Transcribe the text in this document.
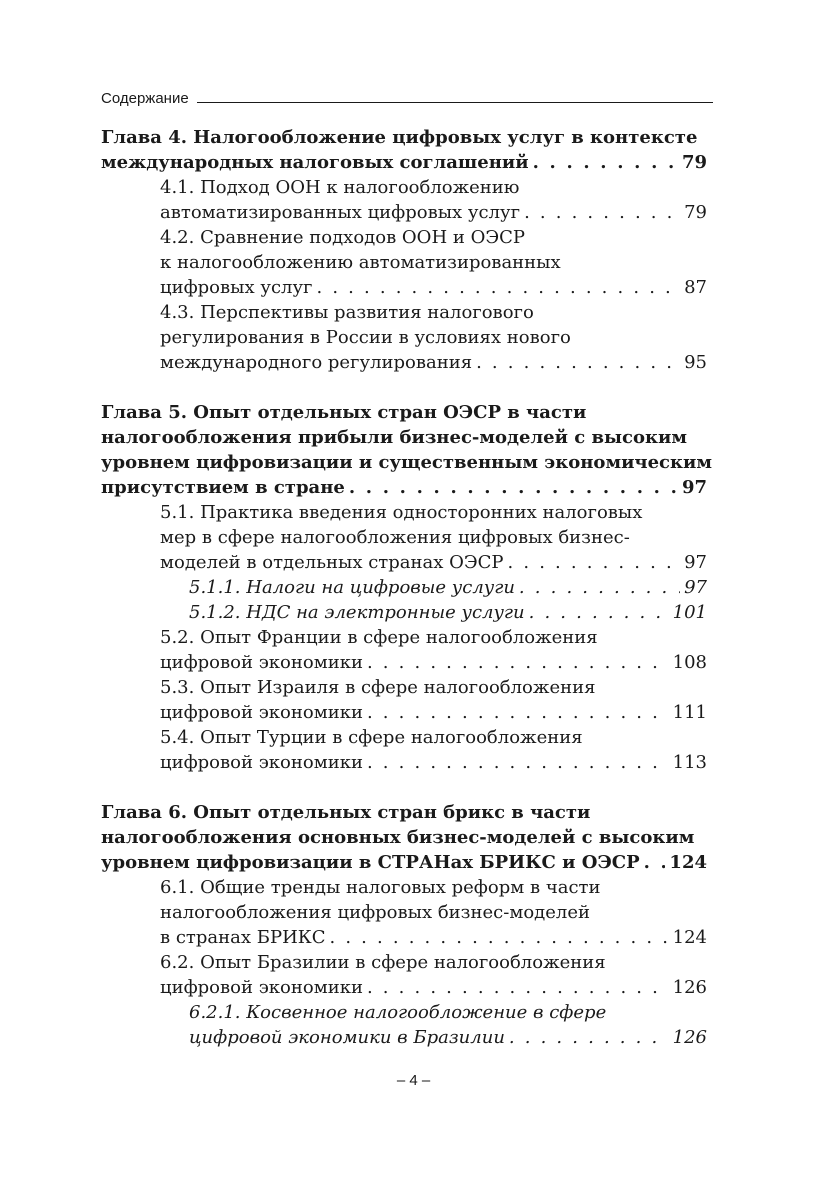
Содержание
Глава 4. Налогообложение цифровых услуг в контексте
международных налоговых соглашений . . .	79
4.1. Подход ООН к налогообложению
автоматизированных цифровых услуг . . .	79
4.2. Сравнение подходов ООН и ОЭСР
к налогообложению автоматизированных
цифровых услуг . . .	87
4.3. Перспективы развития налогового
регулирования в России в условиях нового
международного регулирования . . .	95
Глава 5. Опыт отдельных стран ОЭСР в части
налогообложения прибыли бизнес-моделей с высоким
уровнем цифровизации и существенным экономическим
присутствием в стране . . .	97
5.1. Практика введения односторонних налоговых
мер в сфере налогообложения цифровых бизнес-
моделей в отдельных странах ОЭСР . . .	97
5.1.1. Налоги на цифровые услуги . . .	97
5.1.2. НДС на электронные услуги . . .	101
5.2. Опыт Франции в сфере налогообложения
цифровой экономики . . .	108
5.3. Опыт Израиля в сфере налогообложения
цифровой экономики . . .	111
5.4. Опыт Турции в сфере налогообложения
цифровой экономики . . .	113
Глава 6. Опыт отдельных стран брикс в части
налогообложения основных бизнес-моделей с высоким
уровнем цифровизации в СТРАНах БРИКС и ОЭСР . . . 124
6.1. Общие тренды налоговых реформ в части
налогообложения цифровых бизнес-моделей
в странах БРИКС . . .	124
6.2. Опыт Бразилии в сфере налогообложения
цифровой экономики . . .	126
6.2.1. Косвенное налогообложение в сфере
цифровой экономики в Бразилии . . .	126
– 4 –
